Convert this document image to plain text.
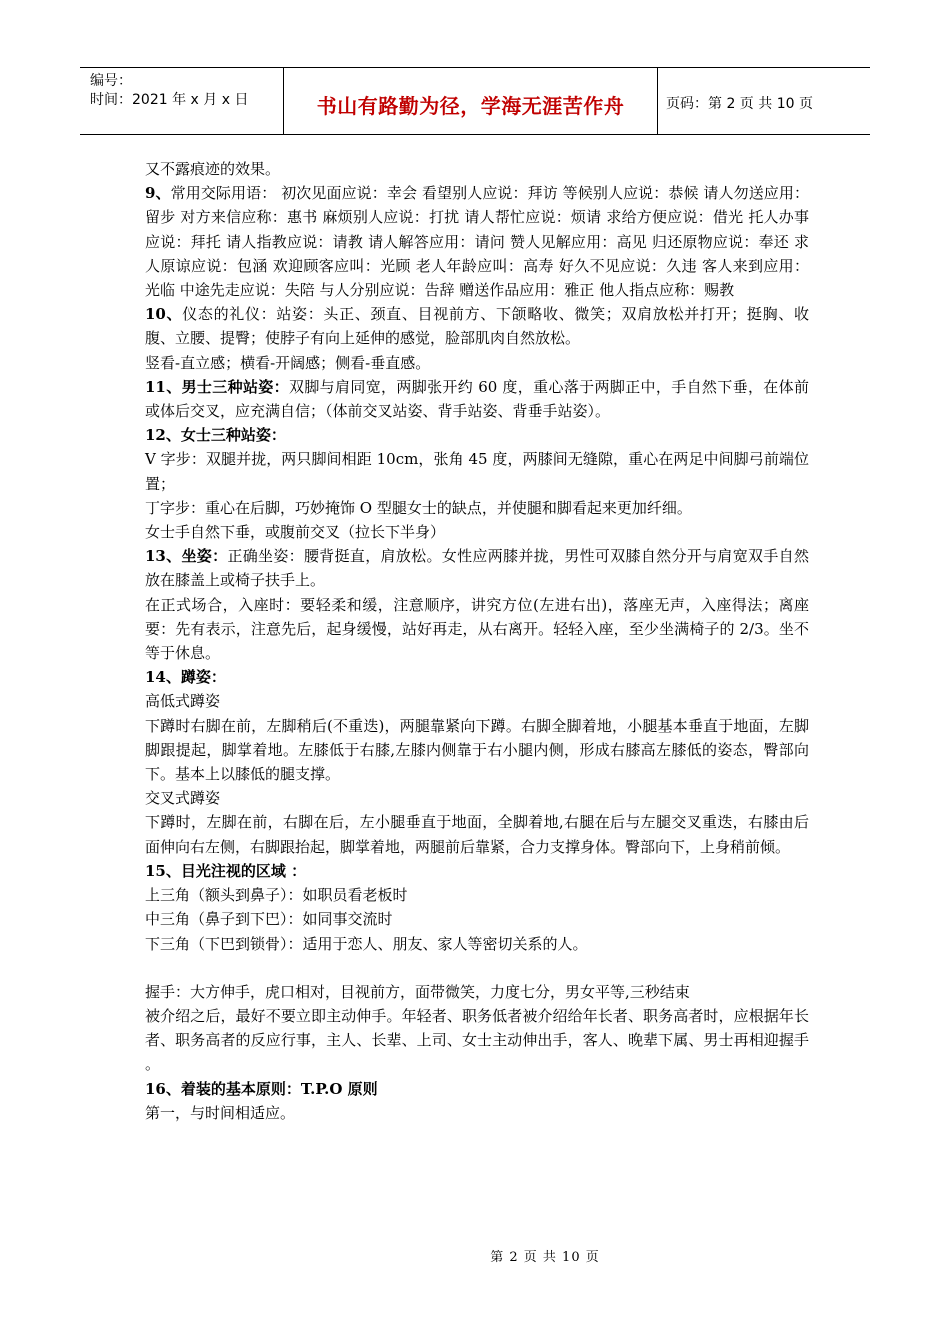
编号：
时间：2021 年 x 月 x 日	书山有路勤为径，学海无涯苦作舟	页码：第 2 页 共 10 页

又不露痕迹的效果。

9、常用交际用语： 初次见面应说：幸会 看望别人应说：拜访 等候别人应说：恭候 请人勿送应用：留步 对方来信应称：惠书 麻烦别人应说：打扰 请人帮忙应说：烦请 求给方便应说：借光 托人办事应说：拜托 请人指教应说：请教 请人解答应用：请问 赞人见解应用：高见 归还原物应说：奉还 求人原谅应说：包涵 欢迎顾客应叫：光顾 老人年龄应叫：高寿 好久不见应说：久违 客人来到应用：光临 中途先走应说：失陪 与人分别应说：告辞 赠送作品应用：雅正 他人指点应称：赐教

10、仪态的礼仪：站姿：头正、颈直、目视前方、下颌略收、微笑；双肩放松并打开；挺胸、收腹、立腰、提臀；使脖子有向上延伸的感觉，脸部肌肉自然放松。

竖看-直立感；横看-开阔感；侧看-垂直感。

11、男士三种站姿：双脚与肩同宽，两脚张开约 60 度，重心落于两脚正中，手自然下垂，在体前或体后交叉，应充满自信；（体前交叉站姿、背手站姿、背垂手站姿）。

12、女士三种站姿：

V 字步：双腿并拢，两只脚间相距 10cm，张角 45 度，两膝间无缝隙，重心在两足中间脚弓前端位置；

丁字步：重心在后脚，巧妙掩饰 O 型腿女士的缺点，并使腿和脚看起来更加纤细。

女士手自然下垂，或腹前交叉（拉长下半身）

13、坐姿：正确坐姿：腰背挺直，肩放松。女性应两膝并拢，男性可双膝自然分开与肩宽双手自然放在膝盖上或椅子扶手上。

在正式场合，入座时：要轻柔和缓，注意顺序，讲究方位(左进右出)，落座无声，入座得法；离座要：先有表示，注意先后，起身缓慢，站好再走，从右离开。轻轻入座，至少坐满椅子的 2/3。坐不等于休息。

14、蹲姿：

高低式蹲姿

下蹲时右脚在前，左脚稍后(不重迭)，两腿靠紧向下蹲。右脚全脚着地，小腿基本垂直于地面，左脚脚跟提起，脚掌着地。左膝低于右膝,左膝内侧靠于右小腿内侧，形成右膝高左膝低的姿态，臀部向下。基本上以膝低的腿支撑。

交叉式蹲姿

下蹲时，左脚在前，右脚在后，左小腿垂直于地面，全脚着地,右腿在后与左腿交叉重迭，右膝由后面伸向右左侧，右脚跟抬起，脚掌着地，两腿前后靠紧，合力支撑身体。臀部向下，上身稍前倾。

15、目光注视的区域 ：

上三角（额头到鼻子）：如职员看老板时

中三角（鼻子到下巴）：如同事交流时

下三角（下巴到锁骨）：适用于恋人、朋友、家人等密切关系的人。

握手：大方伸手，虎口相对，目视前方，面带微笑，力度七分，男女平等,三秒结束

被介绍之后，最好不要立即主动伸手。年轻者、职务低者被介绍给年长者、职务高者时，应根据年长者、职务高者的反应行事，主人、长辈、上司、女士主动伸出手，客人、晚辈下属、男士再相迎握手 。

16、着装的基本原则：T.P.O 原则

第一，与时间相适应。

第 2 页 共 10 页
